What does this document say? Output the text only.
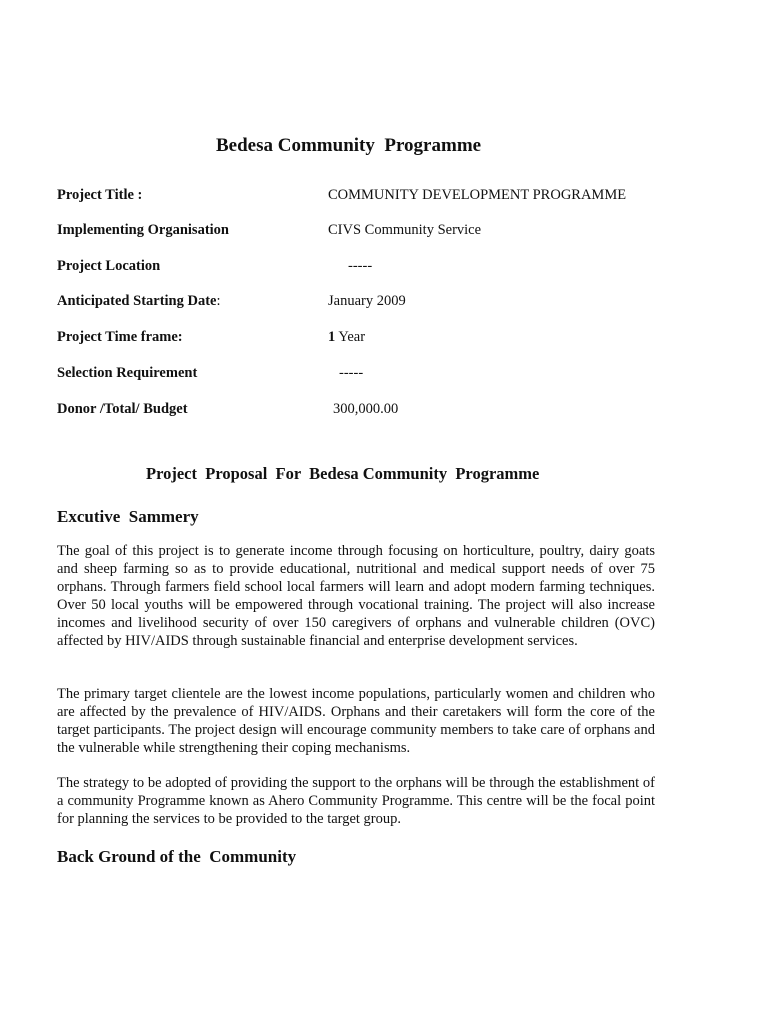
Bedesa Community  Programme
Project Title :	COMMUNITY DEVELOPMENT PROGRAMME
Implementing Organisation	CIVS Community Service
Project Location	-----
Anticipated Starting Date:	January 2009
Project Time frame:	1 Year
Selection Requirement	-----
Donor /Total/ Budget	300,000.00
Project  Proposal  For  Bedesa Community  Programme
Excutive  Sammery

The goal of this project is to generate income through focusing on horticulture, poultry, dairy goats and sheep farming so as to provide educational, nutritional and medical support needs of over 75 orphans. Through farmers field school local farmers will learn and adopt modern farming techniques. Over 50 local youths will be empowered through vocational training. The project will also increase incomes and livelihood security of over 150 caregivers of orphans and vulnerable children (OVC) affected by HIV/AIDS through sustainable financial and enterprise development services.

The primary target clientele are the lowest income populations, particularly women and children who are affected by the prevalence of HIV/AIDS. Orphans and their caretakers will form the core of the target participants. The project design will encourage community members to take care of orphans and the vulnerable while strengthening their coping mechanisms.

The strategy to be adopted of providing the support to the orphans will be through the establishment of a community Programme known as Ahero Community Programme. This centre will be the focal point for planning the services to be provided to the target group.

Back Ground of the  Community
